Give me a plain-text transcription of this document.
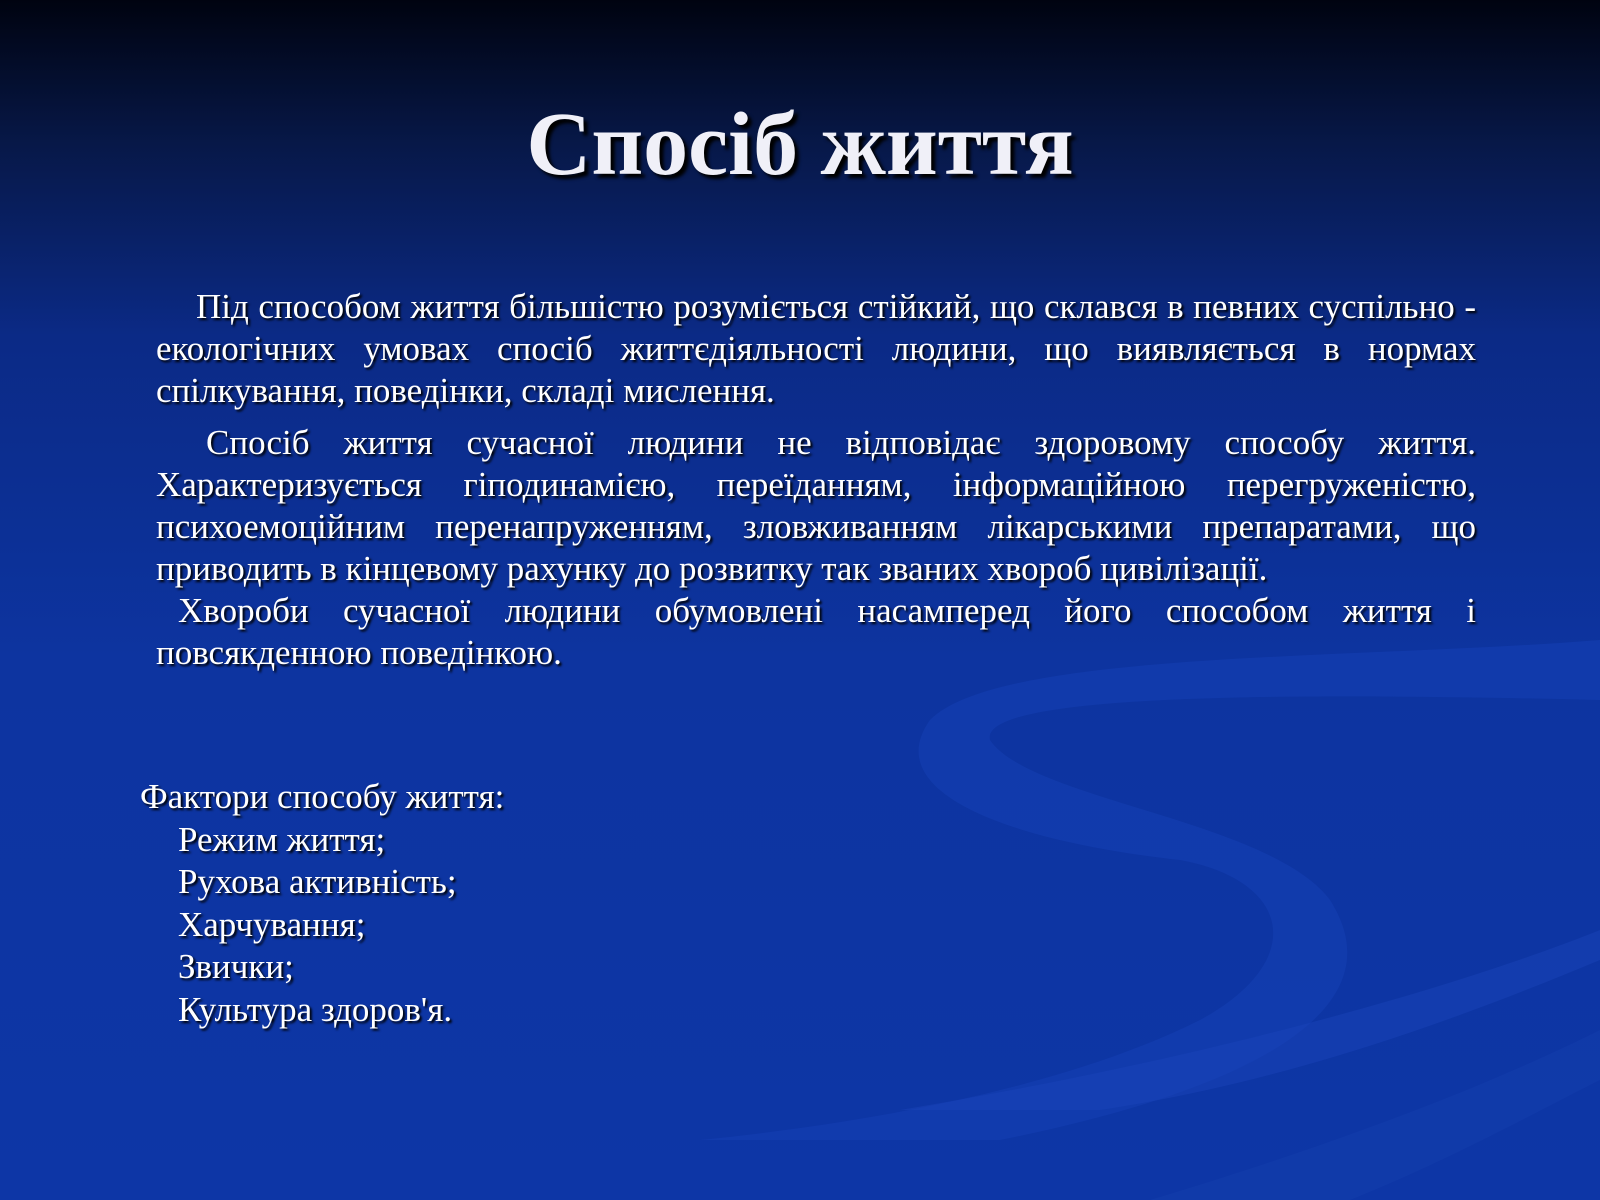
Спосіб життя

Під способом життя більшістю розуміється стійкий, що склався в певних суспільно - екологічних умовах спосіб життєдіяльності людини, що виявляється в нормах спілкування, поведінки, складі мислення.

Спосіб життя сучасної людини не відповідає здоровому способу життя. Характеризується гіподинамією, переїданням, інформаційною перегруженістю, психоемоційним перенапруженням, зловживанням лікарськими препаратами, що приводить в кінцевому рахунку до розвитку так званих хвороб цивілізації.

Хвороби сучасної людини обумовлені насамперед його способом життя і повсякденною поведінкою.

Фактори способу життя:
Режим життя;
Рухова активність;
Харчування;
Звички;
Культура здоров'я.
